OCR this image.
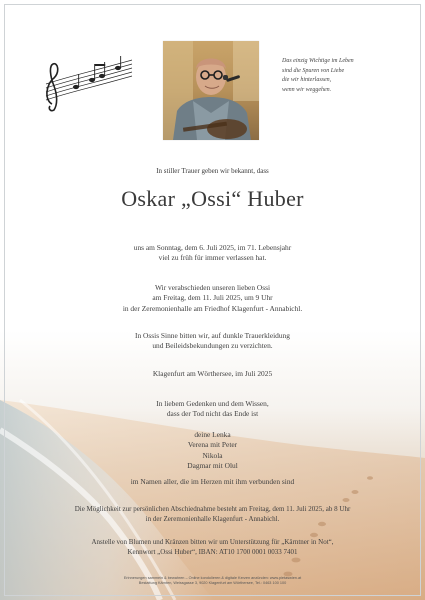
Das einzig Wichtige im Leben
sind die Spuren von Liebe
die wir hinterlassen,
wenn wir weggehen.
In stiller Trauer geben wir bekannt, dass
Oskar „Ossi“ Huber
uns am Sonntag, dem 6. Juli 2025, im 71. Lebensjahr
viel zu früh für immer verlassen hat.
Wir verabschieden unseren lieben Ossi
am Freitag, dem 11. Juli 2025, um 9 Uhr
in der Zeremonienhalle am Friedhof Klagenfurt - Annabichl.
In Ossis Sinne bitten wir, auf dunkle Trauerkleidung
und Beileidsbekundungen zu verzichten.
Klagenfurt am Wörthersee, im Juli 2025
In liebem Gedenken und dem Wissen,
dass der Tod nicht das Ende ist
deine Lenka
Verena mit Peter
Nikola
Dagmar mit Olul
im Namen aller, die im Herzen mit ihm verbunden sind
Die Möglichkeit zur persönlichen Abschiednahme besteht am Freitag, dem 11. Juli 2025, ab 8 Uhr
in der Zeremonienhalle Klagenfurt - Annabichl.
Anstelle von Blumen und Kränzen bitten wir um Unterstützung für „Kärntner in Not“,
Kennwort „Ossi Huber“, IBAN: AT10 1700 0001 0033 7401
Erinnerungen sammeln & bewahren – Online kondolieren & digitale Kerzen anzünden: www.pietaswien.at
Bestattung Kärnten, Weissgasse 3, 9020 Klagenfurt am Wörthersee, Tel.: 0463 100 100
